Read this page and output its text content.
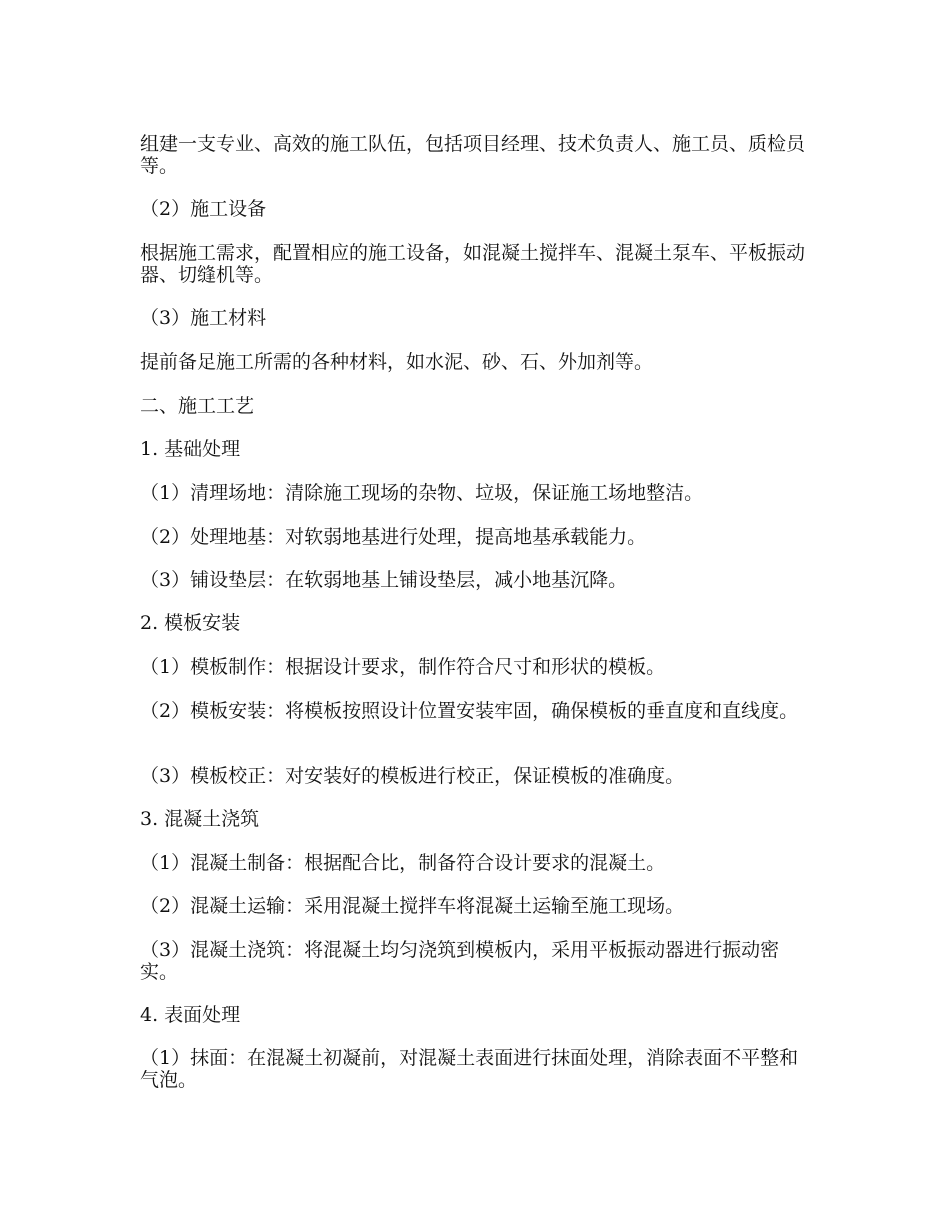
组建一支专业、高效的施工队伍，包括项目经理、技术负责人、施工员、质检员等。

（2）施工设备

根据施工需求，配置相应的施工设备，如混凝土搅拌车、混凝土泵车、平板振动器、切缝机等。

（3）施工材料

提前备足施工所需的各种材料，如水泥、砂、石、外加剂等。

二、施工工艺

1. 基础处理

（1）清理场地：清除施工现场的杂物、垃圾，保证施工场地整洁。

（2）处理地基：对软弱地基进行处理，提高地基承载能力。

（3）铺设垫层：在软弱地基上铺设垫层，减小地基沉降。

2. 模板安装

（1）模板制作：根据设计要求，制作符合尺寸和形状的模板。

（2）模板安装：将模板按照设计位置安装牢固，确保模板的垂直度和直线度。

（3）模板校正：对安装好的模板进行校正，保证模板的准确度。

3. 混凝土浇筑

（1）混凝土制备：根据配合比，制备符合设计要求的混凝土。

（2）混凝土运输：采用混凝土搅拌车将混凝土运输至施工现场。

（3）混凝土浇筑：将混凝土均匀浇筑到模板内，采用平板振动器进行振动密实。

4. 表面处理

（1）抹面：在混凝土初凝前，对混凝土表面进行抹面处理，消除表面不平整和气泡。
